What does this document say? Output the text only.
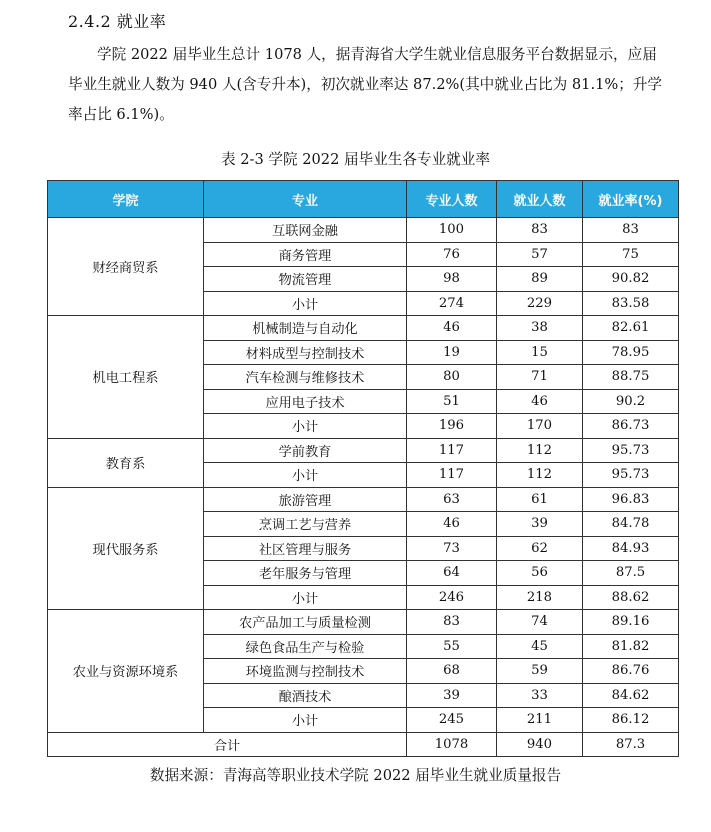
2.4.2 就业率
学院 2022 届毕业生总计 1078 人，据青海省大学生就业信息服务平台数据显示，应届毕业生就业人数为 940 人(含专升本)，初次就业率达 87.2%(其中就业占比为 81.1%；升学率占比 6.1%)。
表 2-3 学院 2022 届毕业生各专业就业率
学院	专业	专业人数	就业人数	就业率(%)
财经商贸系	互联网金融	100	83	83
	商务管理	76	57	75
	物流管理	98	89	90.82
	小计	274	229	83.58
机电工程系	机械制造与自动化	46	38	82.61
	材料成型与控制技术	19	15	78.95
	汽车检测与维修技术	80	71	88.75
	应用电子技术	51	46	90.2
	小计	196	170	86.73
教育系	学前教育	117	112	95.73
	小计	117	112	95.73
现代服务系	旅游管理	63	61	96.83
	烹调工艺与营养	46	39	84.78
	社区管理与服务	73	62	84.93
	老年服务与管理	64	56	87.5
	小计	246	218	88.62
农业与资源环境系	农产品加工与质量检测	83	74	89.16
	绿色食品生产与检验	55	45	81.82
	环境监测与控制技术	68	59	86.76
	酿酒技术	39	33	84.62
	小计	245	211	86.12
合计		1078	940	87.3
数据来源：青海高等职业技术学院 2022 届毕业生就业质量报告
